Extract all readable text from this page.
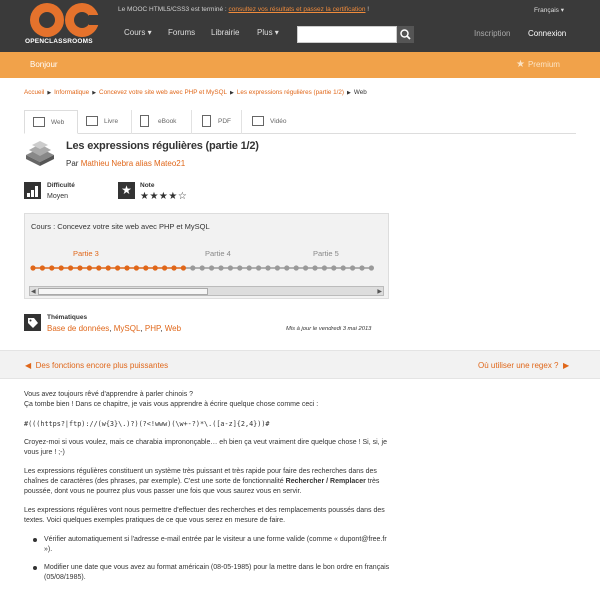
OPENCLASSROOMS
Le MOOC HTML5/CSS3 est terminé : consultez vos résultats et passez la certification !	Français ▾
Cours ▾ Forums Librairie Plus ▾	Inscription Connexion
Bonjour	★ Premium
Accueil ▶ Informatique ▶ Concevez votre site web avec PHP et MySQL ▶ Les expressions régulières (partie 1/2) ▶ Web
Web	Livre	eBook	PDF	Vidéo
Les expressions régulières (partie 1/2)
Par Mathieu Nebra alias Mateo21
Difficulté
Moyen	★	Note
★★★★☆
Cours : Concevez votre site web avec PHP et MySQL
Partie 3	Partie 4	Partie 5
◀	▶
Thématiques
Base de données, MySQL, PHP, Web	Mis à jour le vendredi 3 mai 2013
◀ Des fonctions encore plus puissantes	Où utiliser une regex ? ▶

Vous avez toujours rêvé d'apprendre à parler chinois ?
Ça tombe bien ! Dans ce chapitre, je vais vous apprendre à écrire quelque chose comme ceci :

#(((https?|ftp)://(w{3}\.)?)(?<!www)(\w+-?)*\.([a-z]{2,4}))#

Croyez-moi si vous voulez, mais ce charabia imprononçable… eh bien ça veut vraiment dire quelque chose ! Si, si, je vous jure ! ;-)

Les expressions régulières constituent un système très puissant et très rapide pour faire des recherches dans des chaînes de caractères (des phrases, par exemple). C'est une sorte de fonctionnalité Rechercher / Remplacer très poussée, dont vous ne pourrez plus vous passer une fois que vous saurez vous en servir.

Les expressions régulières vont nous permettre d'effectuer des recherches et des remplacements poussés dans des textes. Voici quelques exemples pratiques de ce que vous serez en mesure de faire.

Vérifier automatiquement si l'adresse e-mail entrée par le visiteur a une forme valide (comme « dupont@free.fr »).
Modifier une date que vous avez au format américain (08-05-1985) pour la mettre dans le bon ordre en français (05/08/1985).
